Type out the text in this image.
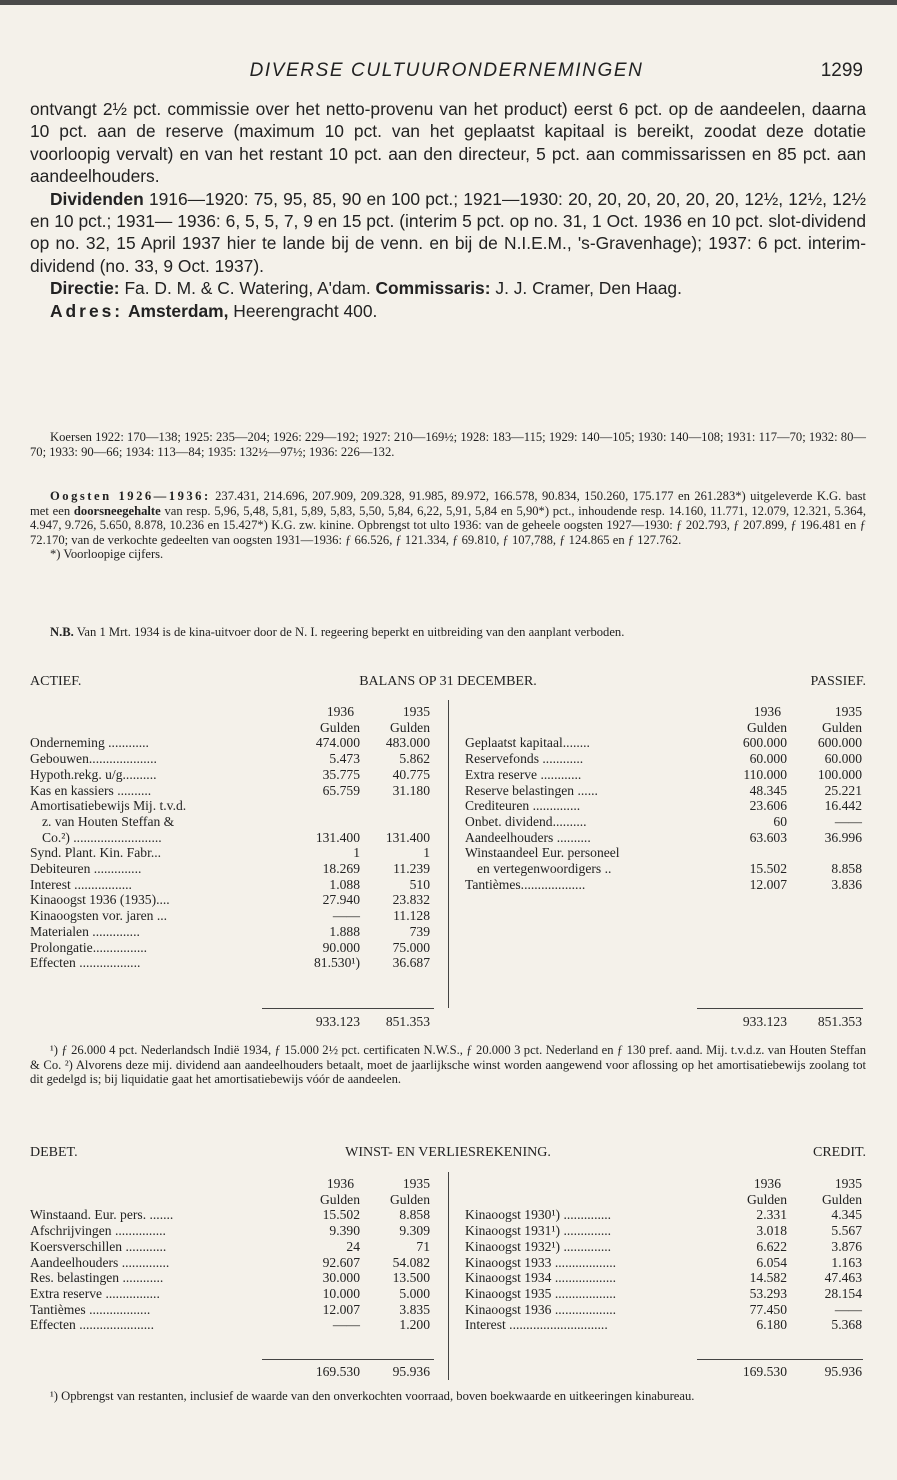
DIVERSE CULTUURONDERNEMINGEN	1299

ontvangt 2½ pct. commissie over het netto-provenu van het product) eerst 6 pct. op de aandeelen, daarna 10 pct. aan de reserve (maximum 10 pct. van het geplaatst kapitaal is bereikt, zoodat deze dotatie voorloopig vervalt) en van het restant 10 pct. aan den directeur, 5 pct. aan commissarissen en 85 pct. aan aandeelhouders.

Dividenden 1916—1920: 75, 95, 85, 90 en 100 pct.; 1921—1930: 20, 20, 20, 20, 20, 20, 12½, 12½, 12½ en 10 pct.; 1931— 1936: 6, 5, 5, 7, 9 en 15 pct. (interim 5 pct. op no. 31, 1 Oct. 1936 en 10 pct. slot-dividend op no. 32, 15 April 1937 hier te lande bij de venn. en bij de N.I.E.M., 's-Gravenhage); 1937: 6 pct. interim-dividend (no. 33, 9 Oct. 1937).

Directie: Fa. D. M. & C. Watering, A'dam. Commissaris: J. J. Cramer, Den Haag.

Adres: Amsterdam, Heerengracht 400.

Koersen 1922: 170—138; 1925: 235—204; 1926: 229—192; 1927: 210—169½; 1928: 183—115; 1929: 140—105; 1930: 140—108; 1931: 117—70; 1932: 80—70; 1933: 90—66; 1934: 113—84; 1935: 132½—97½; 1936: 226—132.

Oogsten 1926—1936: 237.431, 214.696, 207.909, 209.328, 91.985, 89.972, 166.578, 90.834, 150.260, 175.177 en 261.283*) uitgeleverde K.G. bast met een doorsneegehalte van resp. 5,96, 5,48, 5,81, 5,89, 5,83, 5,50, 5,84, 6,22, 5,91, 5,84 en 5,90*) pct., inhoudende resp. 14.160, 11.771, 12.079, 12.321, 5.364, 4.947, 9.726, 5.650, 8.878, 10.236 en 15.427*) K.G. zw. kinine. Opbrengst tot ulto 1936: van de geheele oogsten 1927—1930: ƒ 202.793, ƒ 207.899, ƒ 196.481 en ƒ 72.170; van de verkochte gedeelten van oogsten 1931—1936: ƒ 66.526, ƒ 121.334, ƒ 69.810, ƒ 107,788, ƒ 124.865 en ƒ 127.762.

*) Voorloopige cijfers.

N.B. Van 1 Mrt. 1934 is de kina-uitvoer door de N. I. regeering beperkt en uitbreiding van den aanplant verboden.

ACTIEF.	BALANS OP 31 DECEMBER.	PASSIEF.
	1936	1935
	Gulden	Gulden
Onderneming ............	474.000	483.000
Gebouwen....................	5.473	5.862
Hypoth.rekg. u/g..........	35.775	40.775
Kas en kassiers ..........	65.759	31.180
Amortisatiebewijs Mij. t.v.d.		
z. van Houten Steffan &		
Co.²) ..........................	131.400	131.400
Synd. Plant. Kin. Fabr...	1	1
Debiteuren ..............	18.269	11.239
Interest .................	1.088	510
Kinaoogst 1936 (1935)....	27.940	23.832
Kinaoogsten vor. jaren ...	——	11.128
Materialen ..............	1.888	739
Prolongatie................	90.000	75.000
Effecten ..................	81.530¹)	36.687
	1936	1935
	Gulden	Gulden
Geplaatst kapitaal........	600.000	600.000
Reservefonds ............	60.000	60.000
Extra reserve ............	110.000	100.000
Reserve belastingen ......	48.345	25.221
Crediteuren ..............	23.606	16.442
Onbet. dividend..........	60	——
Aandeelhouders ..........	63.603	36.996
Winstaandeel Eur. personeel		
en vertegenwoordigers ..	15.502	8.858
Tantièmes...................	12.007	3.836
	933.123	851.353
		933.123	851.353

¹) ƒ 26.000 4 pct. Nederlandsch Indië 1934, ƒ 15.000 2½ pct. certificaten N.W.S., ƒ 20.000 3 pct. Nederland en ƒ 130 pref. aand. Mij. t.v.d.z. van Houten Steffan & Co. ²) Alvorens deze mij. dividend aan aandeelhouders betaalt, moet de jaarlijksche winst worden aangewend voor aflossing op het amortisatiebewijs zoolang tot dit gedelgd is; bij liquidatie gaat het amortisatiebewijs vóór de aandeelen.

DEBET.	WINST- EN VERLIESREKENING.	CREDIT.
	1936	1935
	Gulden	Gulden
Winstaand. Eur. pers. .......	15.502	8.858
Afschrijvingen ...............	9.390	9.309
Koersverschillen ............	24	71
Aandeelhouders ..............	92.607	54.082
Res. belastingen ............	30.000	13.500
Extra reserve ................	10.000	5.000
Tantièmes ..................	12.007	3.835
Effecten ......................	——	1.200
	1936	1935
	Gulden	Gulden
Kinaoogst 1930¹) ..............	2.331	4.345
Kinaoogst 1931¹) ..............	3.018	5.567
Kinaoogst 1932¹) ..............	6.622	3.876
Kinaoogst 1933 ..................	6.054	1.163
Kinaoogst 1934 ..................	14.582	47.463
Kinaoogst 1935 ..................	53.293	28.154
Kinaoogst 1936 ..................	77.450	——
Interest .............................	6.180	5.368
	169.530	95.936
		169.530	95.936

¹) Opbrengst van restanten, inclusief de waarde van den onverkochten voorraad, boven boekwaarde en uitkeeringen kinabureau.
